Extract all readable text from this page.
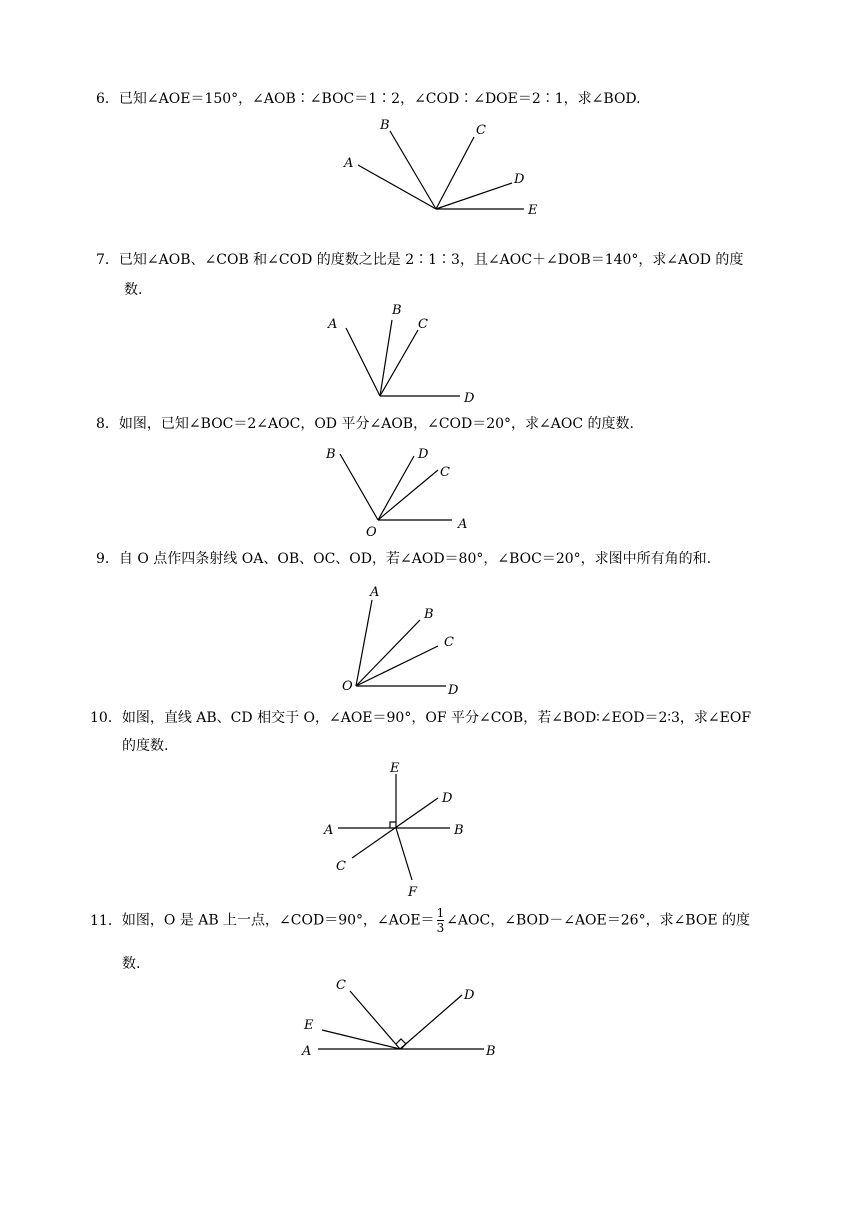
6．已知∠AOE＝150°，∠AOB∶∠BOC＝1∶2，∠COD∶∠DOE＝2∶1，求∠BOD.
A
B	C
D
E
7．已知∠AOB、∠COB 和∠COD 的度数之比是 2∶1∶3，且∠AOC＋∠DOB＝140°，求∠AOD 的度
数.
A
B
C
D
8．如图，已知∠BOC＝2∠AOC，OD 平分∠AOB，∠COD＝20°，求∠AOC 的度数.
B	D
C
A
O
9．自 O 点作四条射线 OA、OB、OC、OD，若∠AOD＝80°，∠BOC＝20°，求图中所有角的和.
A
B
C
D
O
10．如图，直线 AB、CD 相交于 O，∠AOE＝90°，OF 平分∠COB，若∠BOD∶∠EOD＝2∶3，求∠EOF
的度数.
E
D
A	B
C
F
11．如图，O 是 AB 上一点，∠COD＝90°，∠AOE＝ $\frac{1}{3}$ ∠AOC，∠BOD－∠AOE＝26°，求∠BOE 的度
数.
C
D
E
A	B
